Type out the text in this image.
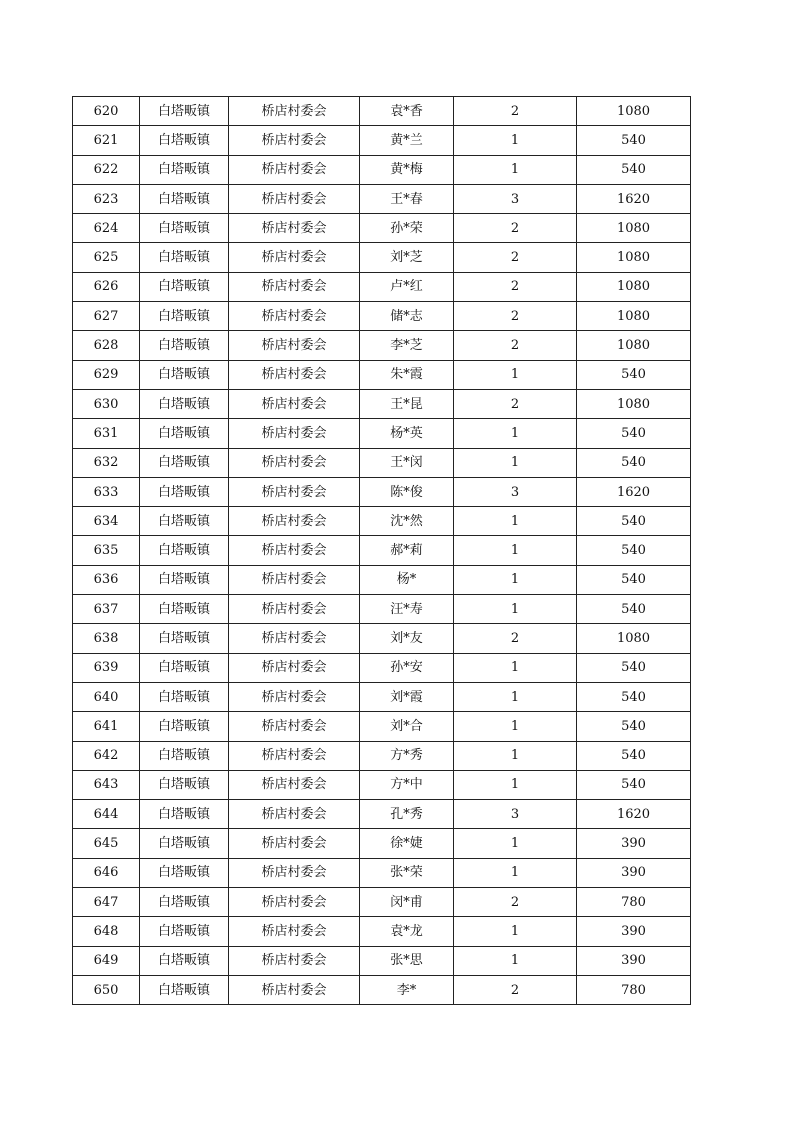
620	白塔畈镇	桥店村委会	袁*香	2	1080
621	白塔畈镇	桥店村委会	黄*兰	1	540
622	白塔畈镇	桥店村委会	黄*梅	1	540
623	白塔畈镇	桥店村委会	王*春	3	1620
624	白塔畈镇	桥店村委会	孙*荣	2	1080
625	白塔畈镇	桥店村委会	刘*芝	2	1080
626	白塔畈镇	桥店村委会	卢*红	2	1080
627	白塔畈镇	桥店村委会	储*志	2	1080
628	白塔畈镇	桥店村委会	李*芝	2	1080
629	白塔畈镇	桥店村委会	朱*霞	1	540
630	白塔畈镇	桥店村委会	王*昆	2	1080
631	白塔畈镇	桥店村委会	杨*英	1	540
632	白塔畈镇	桥店村委会	王*闵	1	540
633	白塔畈镇	桥店村委会	陈*俊	3	1620
634	白塔畈镇	桥店村委会	沈*然	1	540
635	白塔畈镇	桥店村委会	郝*莉	1	540
636	白塔畈镇	桥店村委会	杨*	1	540
637	白塔畈镇	桥店村委会	汪*寿	1	540
638	白塔畈镇	桥店村委会	刘*友	2	1080
639	白塔畈镇	桥店村委会	孙*安	1	540
640	白塔畈镇	桥店村委会	刘*霞	1	540
641	白塔畈镇	桥店村委会	刘*合	1	540
642	白塔畈镇	桥店村委会	方*秀	1	540
643	白塔畈镇	桥店村委会	方*中	1	540
644	白塔畈镇	桥店村委会	孔*秀	3	1620
645	白塔畈镇	桥店村委会	徐*婕	1	390
646	白塔畈镇	桥店村委会	张*荣	1	390
647	白塔畈镇	桥店村委会	闵*甫	2	780
648	白塔畈镇	桥店村委会	袁*龙	1	390
649	白塔畈镇	桥店村委会	张*思	1	390
650	白塔畈镇	桥店村委会	李*	2	780
